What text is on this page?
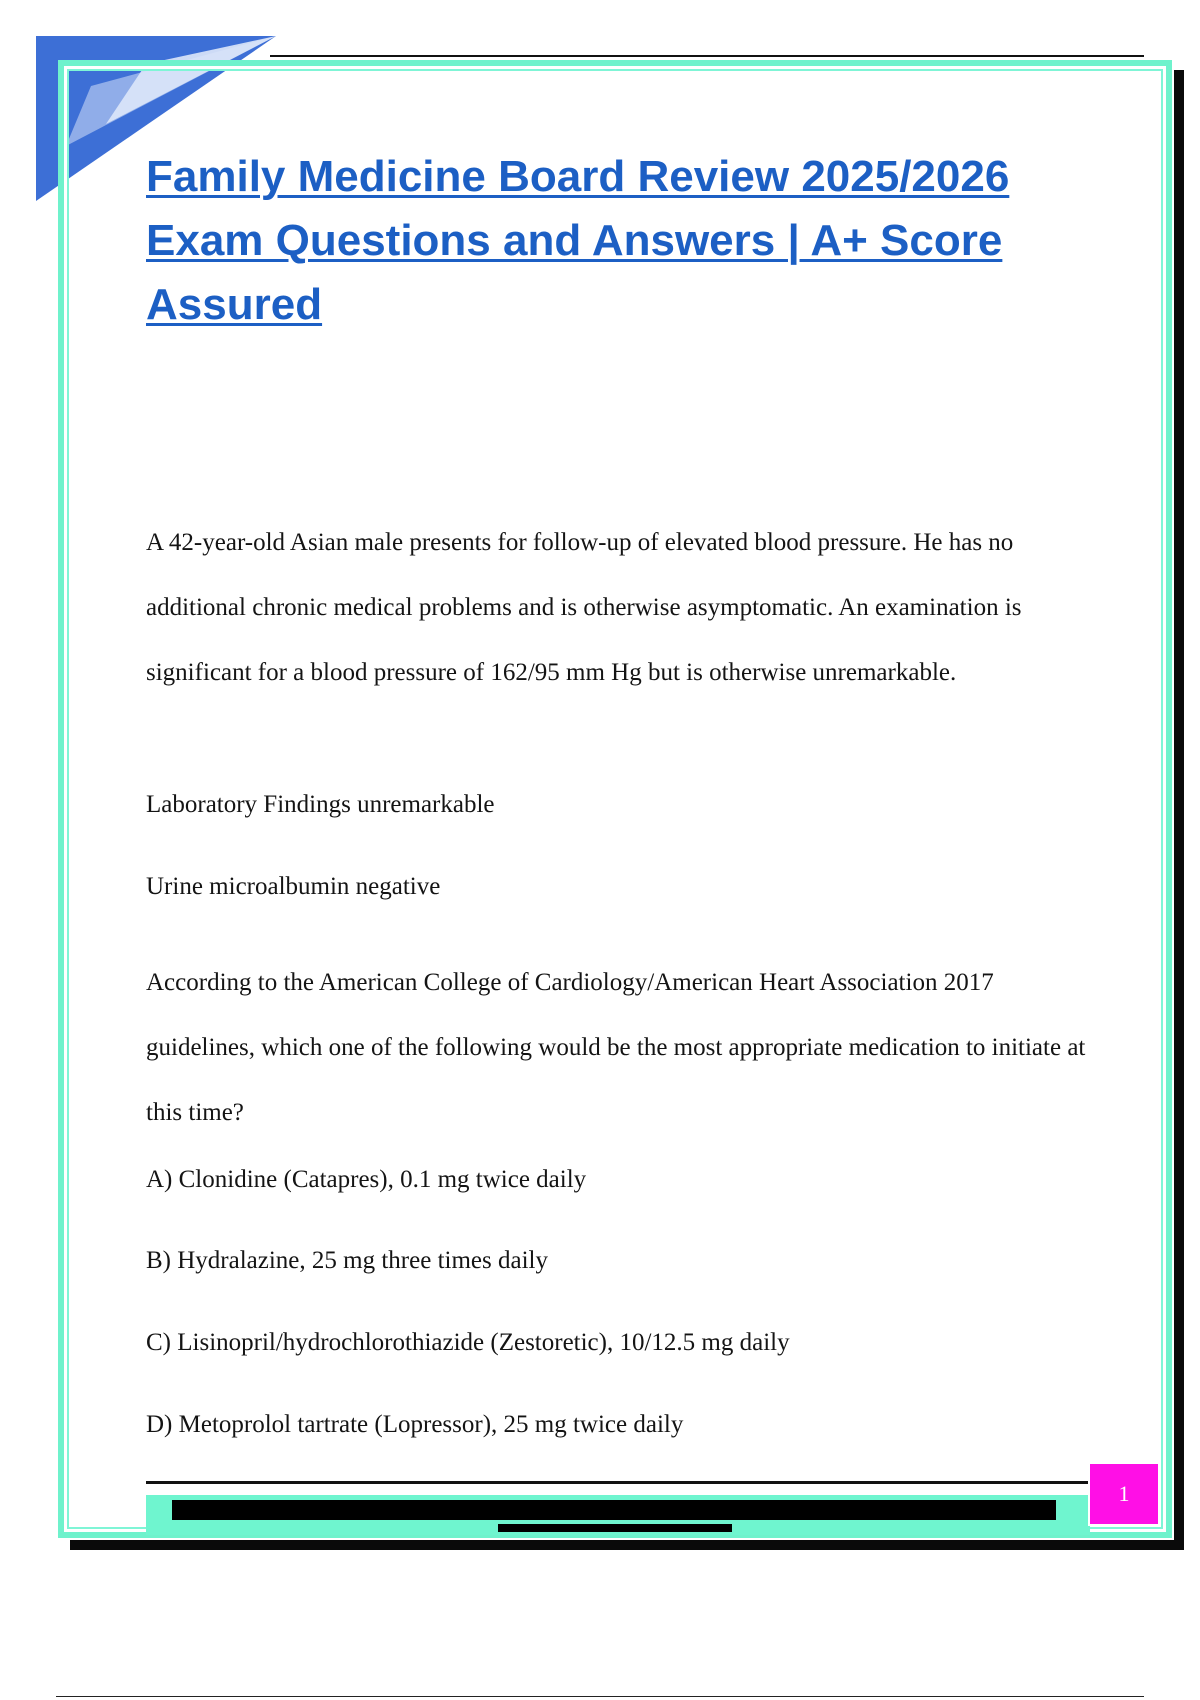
1
Family Medicine Board Review 2025/2026 Exam Questions and Answers | A+ Score Assured

A 42-year-old Asian male presents for follow-up of elevated blood pressure. He has no additional chronic medical problems and is otherwise asymptomatic. An examination is significant for a blood pressure of 162/95 mm Hg but is otherwise unremarkable.

Laboratory Findings unremarkable

Urine microalbumin negative

According to the American College of Cardiology/American Heart Association 2017 guidelines, which one of the following would be the most appropriate medication to initiate at this time?

A) Clonidine (Catapres), 0.1 mg twice daily

B) Hydralazine, 25 mg three times daily

C) Lisinopril/hydrochlorothiazide (Zestoretic), 10/12.5 mg daily

D) Metoprolol tartrate (Lopressor), 25 mg twice daily

1
